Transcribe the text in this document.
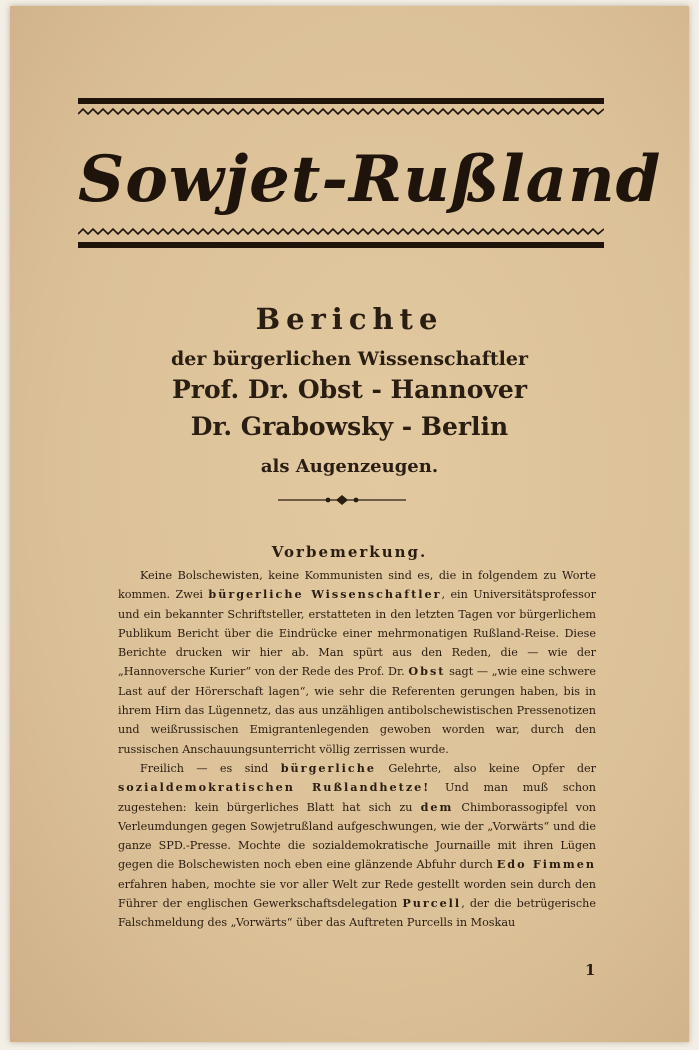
Sowjet-Rußland
Berichte
der bürgerlichen Wissenschaftler
Prof. Dr. Obst - Hannover
Dr. Grabowsky - Berlin
als Augenzeugen.
Vorbemerkung.

Keine Bolschewisten, keine Kommunisten sind es, die in folgendem zu Worte kommen. Zwei bürgerliche Wissenschaftler, ein Universitätsprofessor und ein bekannter Schriftsteller, erstatteten in den letzten Tagen vor bürgerlichem Publikum Bericht über die Eindrücke einer mehrmonatigen Rußland-Reise. Diese Berichte drucken wir hier ab. Man spürt aus den Reden, die — wie der „Hannoversche Kurier“ von der Rede des Prof. Dr. Obst sagt — „wie eine schwere Last auf der Hörerschaft lagen“, wie sehr die Referenten gerungen haben, bis in ihrem Hirn das Lügennetz, das aus unzähligen antibolschewistischen Pressenotizen und weißrussischen Emigrantenlegenden gewoben worden war, durch den russischen Anschauungsunterricht völlig zerrissen wurde.

Freilich — es sind bürgerliche Gelehrte, also keine Opfer der sozialdemokratischen Rußlandhetze! Und man muß schon zugestehen: kein bürgerliches Blatt hat sich zu dem Chimborassogipfel von Verleumdungen gegen Sowjetrußland aufgeschwungen, wie der „Vorwärts“ und die ganze SPD.-Presse. Mochte die sozialdemokratische Journaille mit ihren Lügen gegen die Bolschewisten noch eben eine glänzende Abfuhr durch Edo Fimmen erfahren haben, mochte sie vor aller Welt zur Rede gestellt worden sein durch den Führer der englischen Gewerkschaftsdelegation Purcell, der die betrügerische Falschmeldung des „Vorwärts“ über das Auftreten Purcells in Moskau

1
